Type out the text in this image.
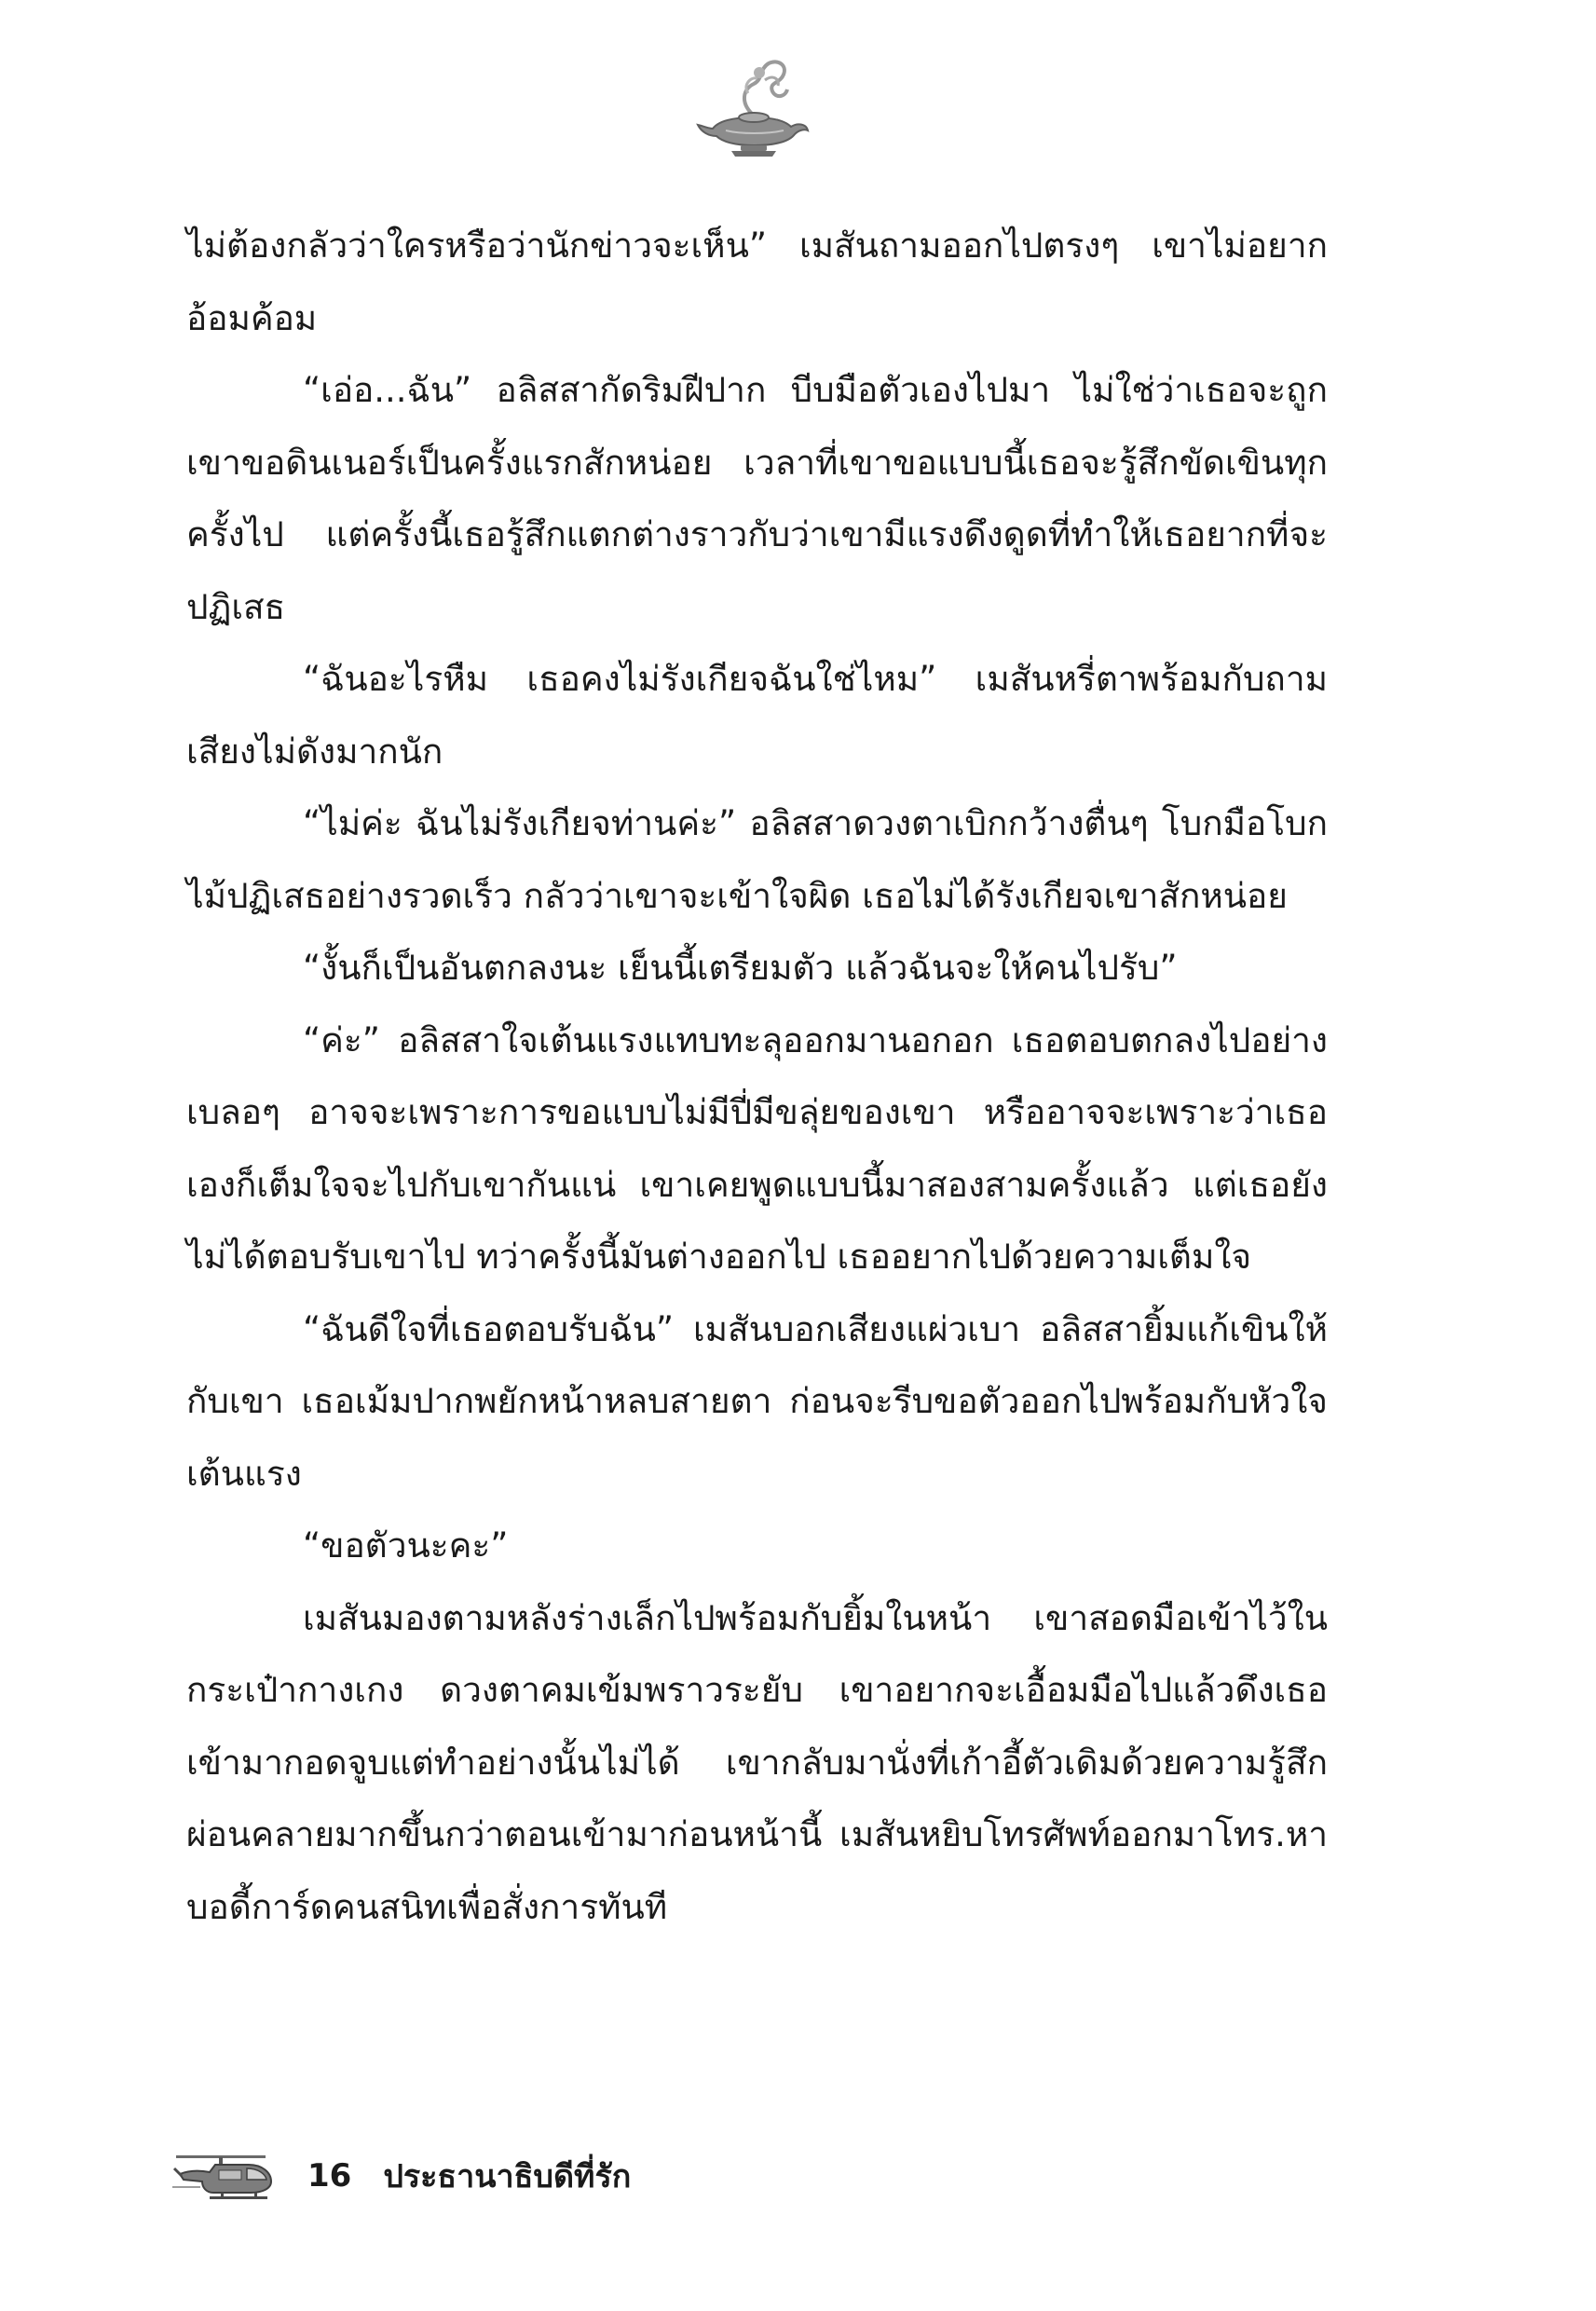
ไม่ต้องกลัวว่าใครหรือว่านักข่าวจะเห็น” เมสันถามออกไปตรงๆ เขาไม่อยากอ้อมค้อม

“เอ่อ...ฉัน” อลิสสากัดริมฝีปาก บีบมือตัวเองไปมา ไม่ใช่ว่าเธอจะถูกเขาขอดินเนอร์เป็นครั้งแรกสักหน่อย เวลาที่เขาขอแบบนี้เธอจะรู้สึกขัดเขินทุกครั้งไป แต่ครั้งนี้เธอรู้สึกแตกต่างราวกับว่าเขามีแรงดึงดูดที่ทำให้เธอยากที่จะปฏิเสธ

“ฉันอะไรหืม เธอคงไม่รังเกียจฉันใช่ไหม” เมสันหรี่ตาพร้อมกับถามเสียงไม่ดังมากนัก

“ไม่ค่ะ ฉันไม่รังเกียจท่านค่ะ” อลิสสาดวงตาเบิกกว้างตื่นๆ โบกมือโบกไม้ปฏิเสธอย่างรวดเร็ว กลัวว่าเขาจะเข้าใจผิด เธอไม่ได้รังเกียจเขาสักหน่อย

“งั้นก็เป็นอันตกลงนะ เย็นนี้เตรียมตัว แล้วฉันจะให้คนไปรับ”

“ค่ะ” อลิสสาใจเต้นแรงแทบทะลุออกมานอกอก เธอตอบตกลงไปอย่างเบลอๆ อาจจะเพราะการขอแบบไม่มีปี่มีขลุ่ยของเขา หรืออาจจะเพราะว่าเธอเองก็เต็มใจจะไปกับเขากันแน่ เขาเคยพูดแบบนี้มาสองสามครั้งแล้ว แต่เธอยังไม่ได้ตอบรับเขาไป ทว่าครั้งนี้มันต่างออกไป เธออยากไปด้วยความเต็มใจ

“ฉันดีใจที่เธอตอบรับฉัน” เมสันบอกเสียงแผ่วเบา อลิสสายิ้มแก้เขินให้กับเขา เธอเม้มปากพยักหน้าหลบสายตา ก่อนจะรีบขอตัวออกไปพร้อมกับหัวใจเต้นแรง

“ขอตัวนะคะ”

เมสันมองตามหลังร่างเล็กไปพร้อมกับยิ้มในหน้า เขาสอดมือเข้าไว้ในกระเป๋ากางเกง ดวงตาคมเข้มพราวระยับ เขาอยากจะเอื้อมมือไปแล้วดึงเธอเข้ามากอดจูบแต่ทำอย่างนั้นไม่ได้ เขากลับมานั่งที่เก้าอี้ตัวเดิมด้วยความรู้สึกผ่อนคลายมากขึ้นกว่าตอนเข้ามาก่อนหน้านี้ เมสันหยิบโทรศัพท์ออกมาโทร.หาบอดี้การ์ดคนสนิทเพื่อสั่งการทันที

16 ประธานาธิบดีที่รัก
